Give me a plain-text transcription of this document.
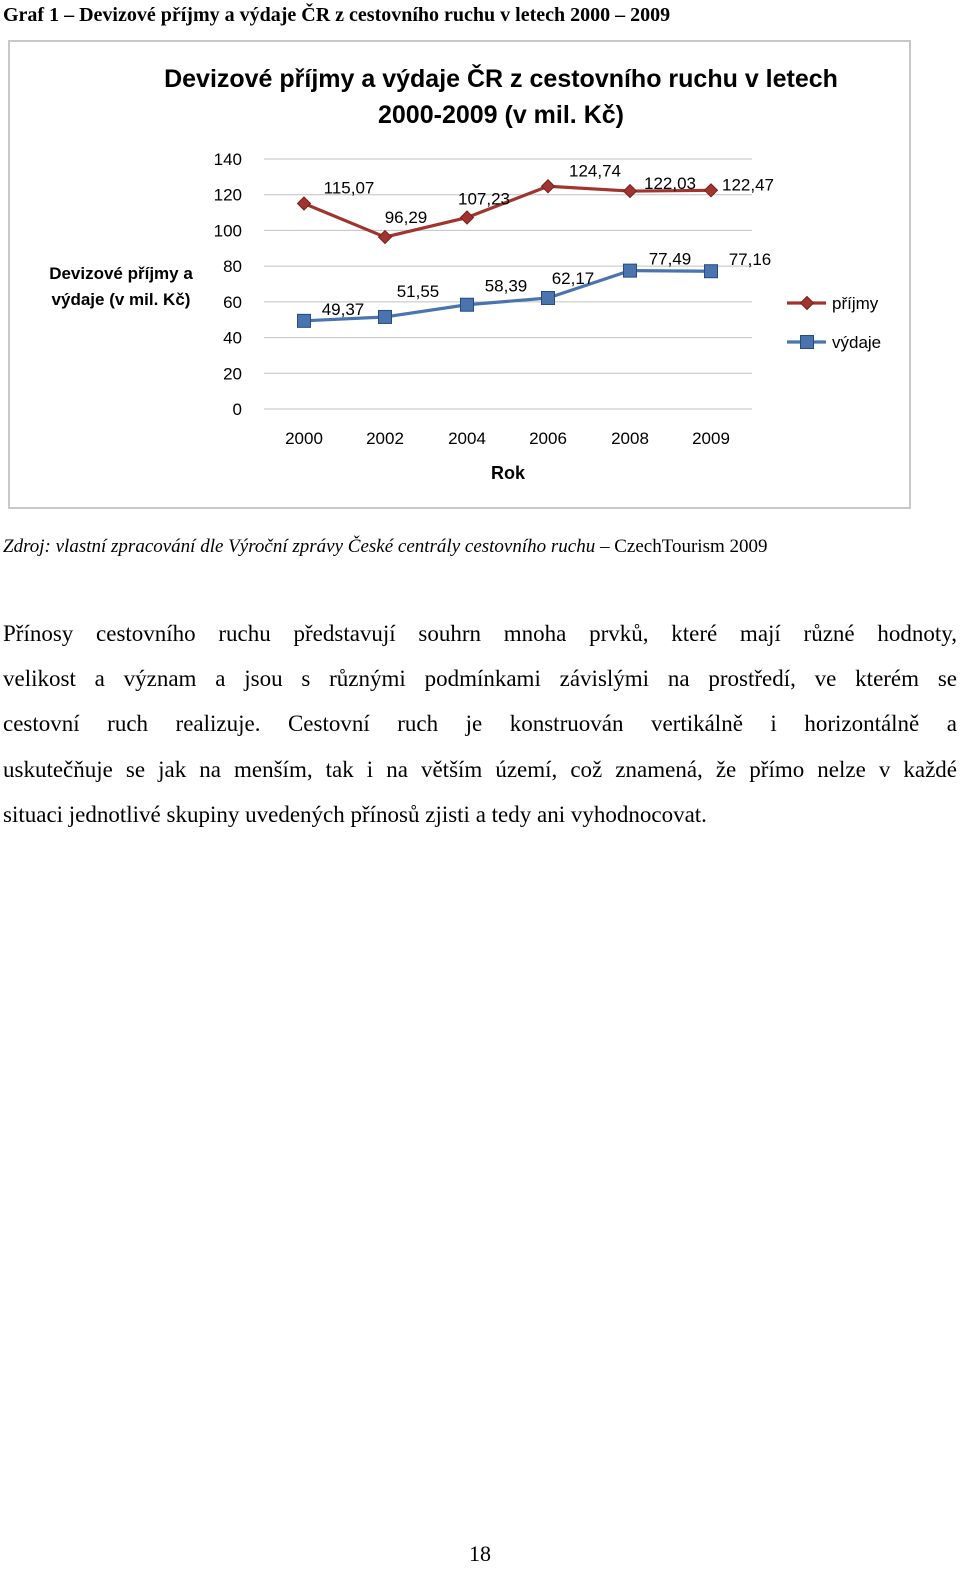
Graf 1 – Devizové příjmy a výdaje ČR z cestovního ruchu v letech 2000 – 2009
Devizové příjmy a výdaje ČR z cestovního ruchu v letech
2000-2009 (v mil. Kč)
Devizové příjmy a
výdaje (v mil. Kč)
Rok
0
20
40
60
80
100
120
140
2000	2002	2004	2006	2008	2009
115,07
96,29
107,23
124,74
122,03 122,47
49,37
51,55	58,39 62,17
77,49 77,16
příjmy
výdaje
Zdroj: vlastní zpracování dle Výroční zprávy České centrály cestovního ruchu – CzechTourism 2009
Přínosy cestovního ruchu představují souhrn mnoha prvků, které mají různé hodnoty,
velikost a význam a jsou s různými podmínkami závislými na prostředí, ve kterém se
cestovní ruch realizuje. Cestovní ruch je konstruován vertikálně i horizontálně a
uskutečňuje se jak na menším, tak i na větším území, což znamená, že přímo nelze v každé
situaci jednotlivé skupiny uvedených přínosů zjisti a tedy ani vyhodnocovat.
18
